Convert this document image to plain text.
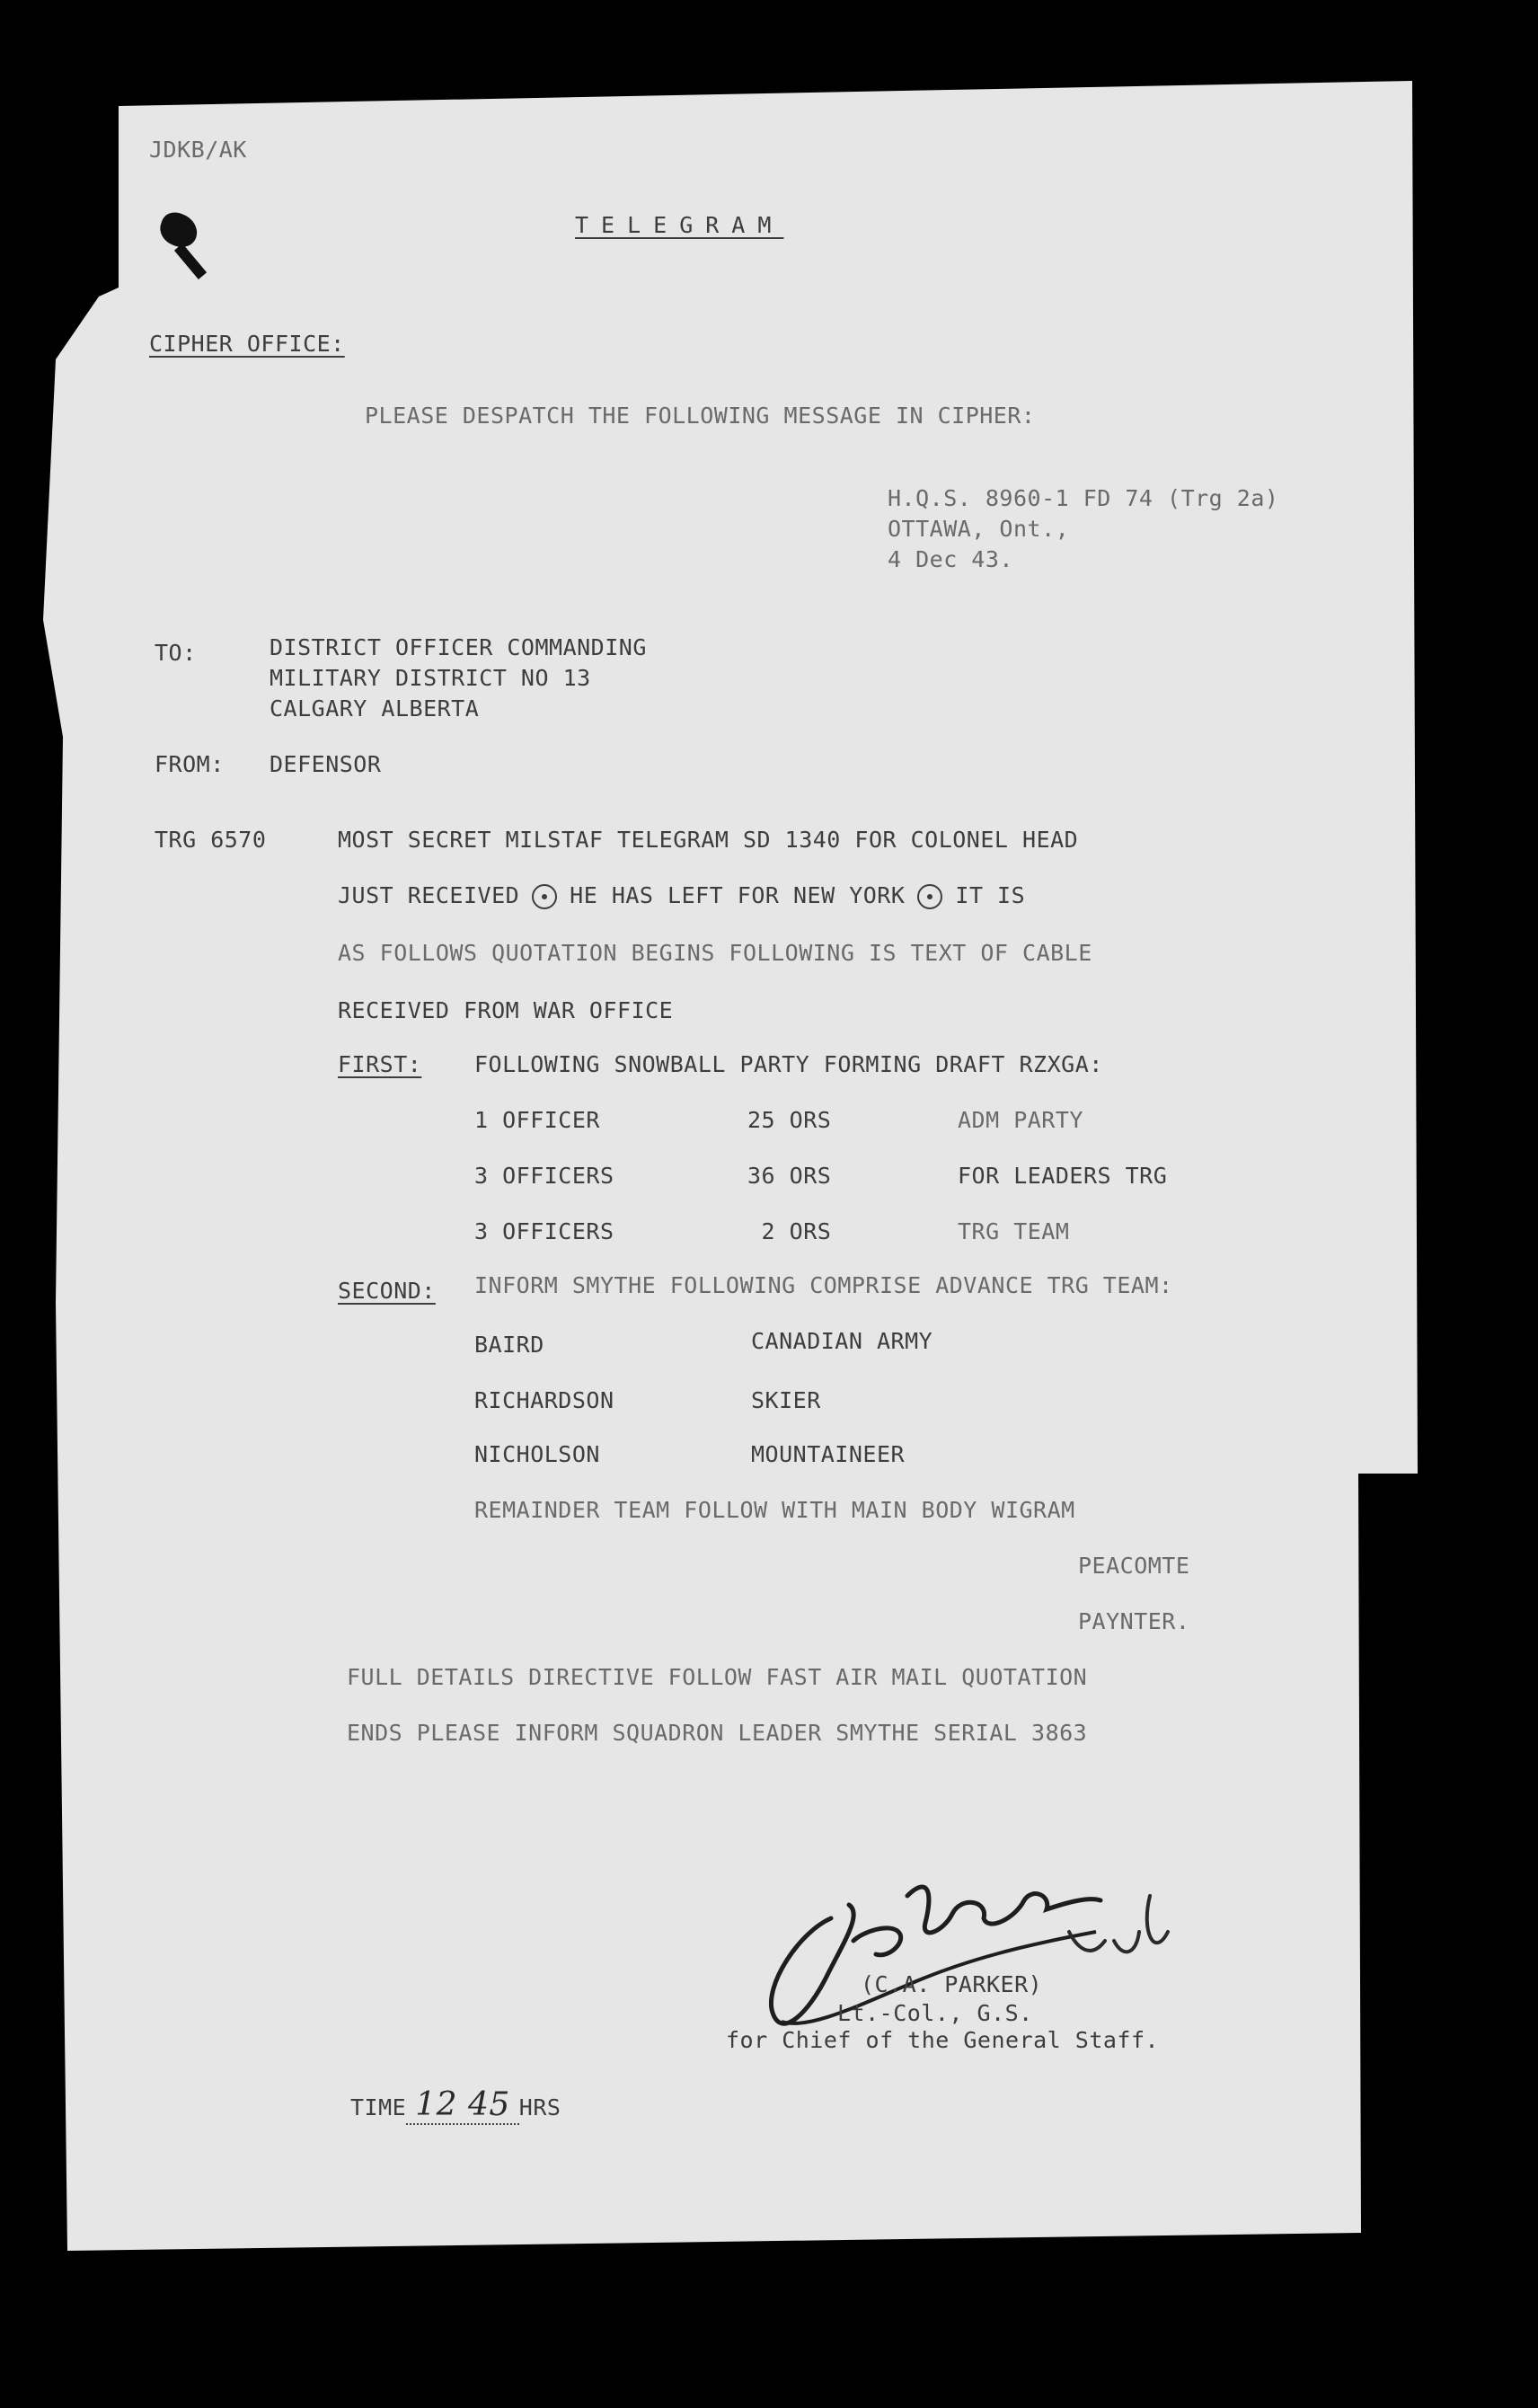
JDKB/AK
TELEGRAM
CIPHER OFFICE:
PLEASE DESPATCH THE FOLLOWING MESSAGE IN CIPHER:
H.Q.S. 8960-1 FD 74 (Trg 2a)
OTTAWA, Ont.,
4 Dec 43.
TO:	DISTRICT OFFICER COMMANDING
MILITARY DISTRICT NO 13
CALGARY ALBERTA
FROM: DEFENSOR
TRG 6570	MOST SECRET MILSTAF TELEGRAM SD 1340 FOR COLONEL HEAD
JUST RECEIVED HE HAS LEFT FOR NEW YORK IT IS
AS FOLLOWS QUOTATION BEGINS FOLLOWING IS TEXT OF CABLE
RECEIVED FROM WAR OFFICE
FIRST: FOLLOWING SNOWBALL PARTY FORMING DRAFT RZXGA:
1 OFFICER	25 ORS	ADM PARTY
3 OFFICERS	36 ORS	FOR LEADERS TRG
3 OFFICERS	2 ORS	TRG TEAM
SECOND: INFORM SMYTHE FOLLOWING COMPRISE ADVANCE TRG TEAM:
BAIRD	CANADIAN ARMY
RICHARDSON	SKIER
NICHOLSON	MOUNTAINEER
REMAINDER TEAM FOLLOW WITH MAIN BODY WIGRAM
PEACOMTE
PAYNTER.
FULL DETAILS DIRECTIVE FOLLOW FAST AIR MAIL QUOTATION
ENDS PLEASE INFORM SQUADRON LEADER SMYTHE SERIAL 3863
(C.A. PARKER)
Lt.-Col., G.S.
for Chief of the General Staff.
TIME 12 45 HRS
